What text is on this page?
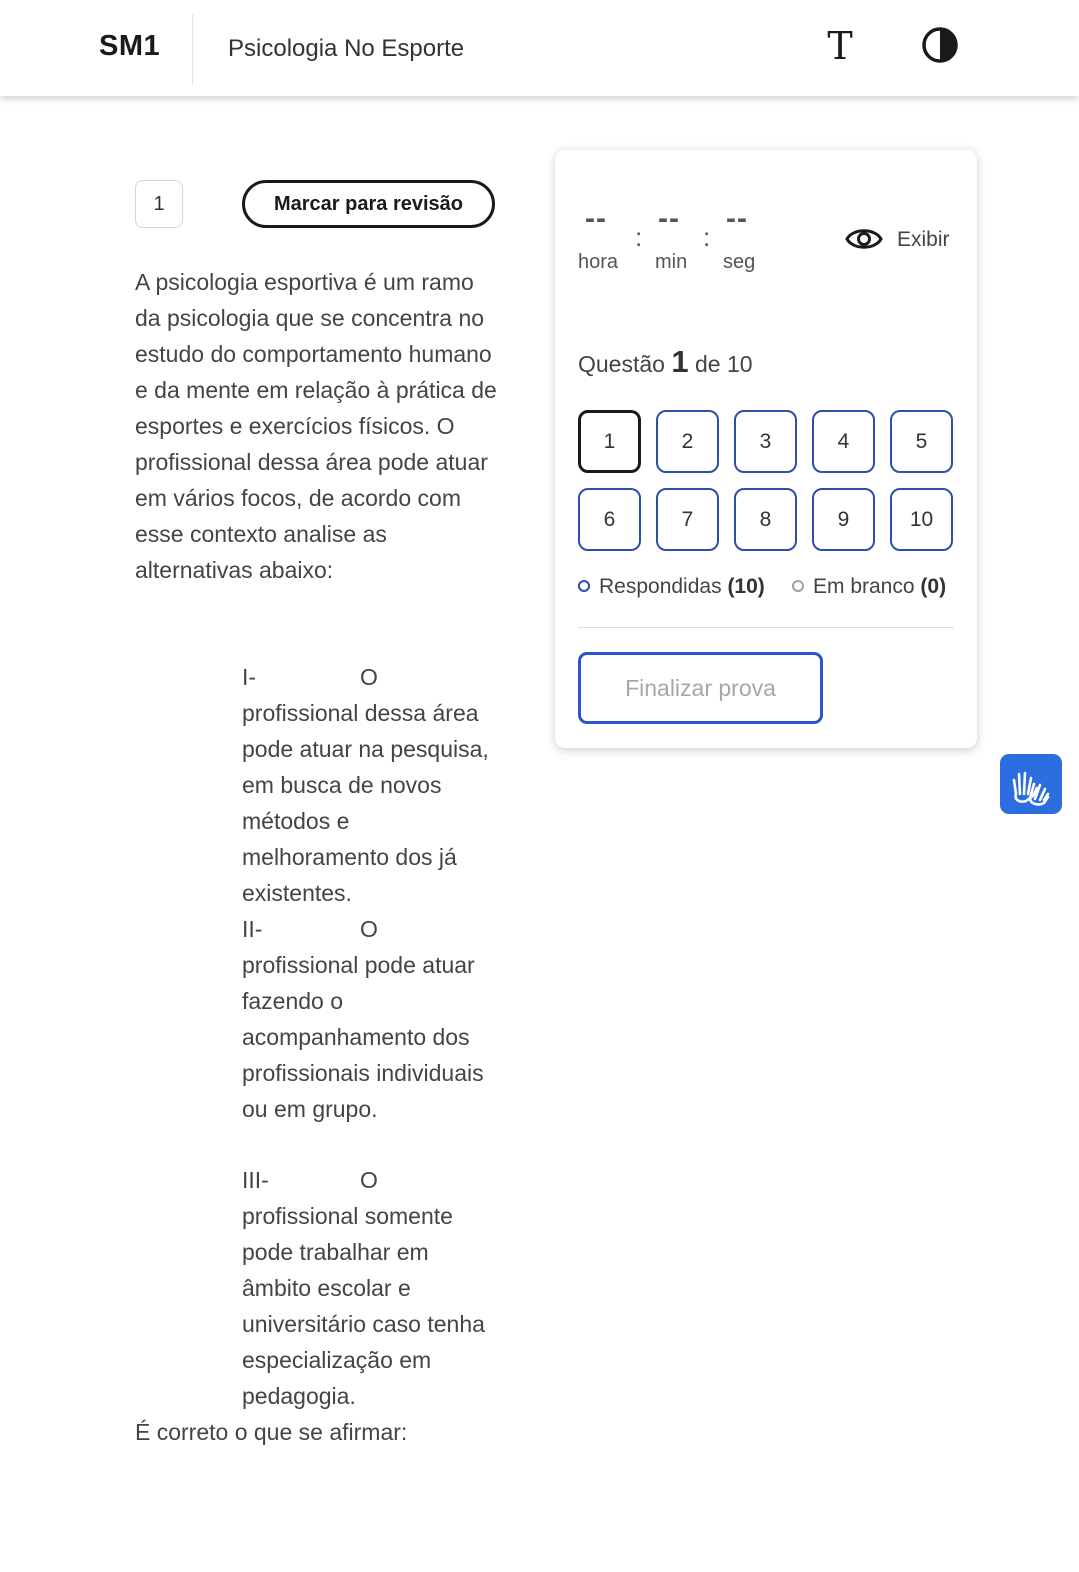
SM1	Psicologia No Esporte	T
1	Marcar para revisão
A psicologia esportiva é um ramo da psicologia que se concentra no estudo do comportamento humano e da mente em relação à prática de esportes e exercícios físicos. O profissional dessa área pode atuar em vários focos, de acordo com esse contexto analise as alternativas abaixo:
I-	O profissional dessa área pode atuar na pesquisa, em busca de novos métodos e melhoramento dos já existentes.
II-	O profissional pode atuar fazendo o acompanhamento dos profissionais individuais ou em grupo.
III-	O profissional somente pode trabalhar em âmbito escolar e universitário caso tenha especialização em pedagogia.
É correto o que se afirmar:
--
:
--
:
--
hora min seg
Exibir
Questão 1 de 10
1	2	3	4	5
6	7	8	9	10
Respondidas (10)	Em branco (0)
Finalizar prova
